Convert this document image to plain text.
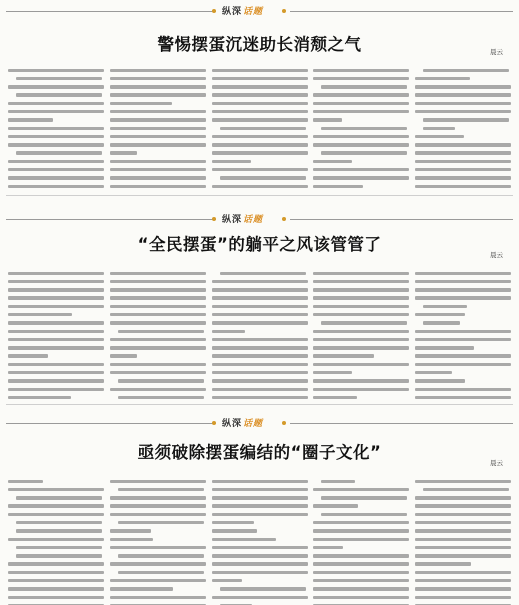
纵深话题
警惕摆蛋沉迷助长消颓之气	晨云
纵深话题
“全民摆蛋”的躺平之风该管管了
晨云
纵深话题
亟须破除摆蛋编结的“圈子文化”
晨云
